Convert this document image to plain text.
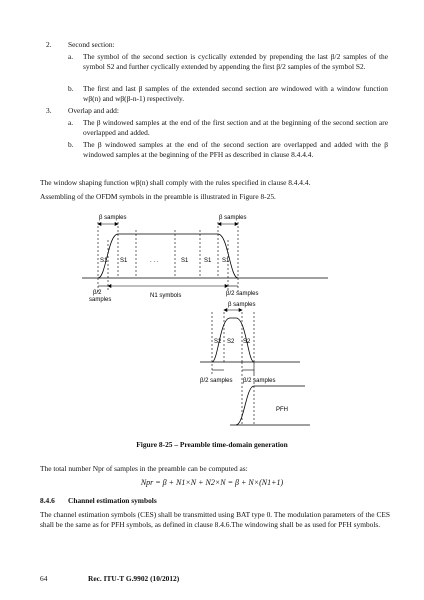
2. Second section:
a. The symbol of the second section is cyclically extended by prepending the last β/2 samples of the symbol S2 and further cyclically extended by appending the first β/2 samples of the symbol S2.
b. The first and last β samples of the extended second section are windowed with a window function wβ(n) and wβ(β-n-1) respectively.
3. Overlap and add:
a. The β windowed samples at the end of the first section and at the beginning of the second section are overlapped and added.
b. The β windowed samples at the end of the second section are overlapped and added with the β windowed samples at the beginning of the PFH as described in clause 8.4.4.4.
The window shaping function wβ(n) shall comply with the rules specified in clause 8.4.4.4.
Assembling of the OFDM symbols in the preamble is illustrated in Figure 8-25.
β samples	β samples
S1 S1	. . .	S1	S1 S1
β/2
samples
N1 symbols	β/2 samples
β samples
S2 S2 S2
β/2 samples β/2 samples
PFH
Figure 8-25 – Preamble time-domain generation
The total number Npr of samples in the preamble can be computed as:
Npr = β + N1×N + N2×N = β + N×(N1+1)
8.4.6 Channel estimation symbols
The channel estimation symbols (CES) shall be transmitted using BAT type 0. The modulation parameters of the CES shall be the same as for PFH symbols, as defined in clause 8.4.6.The windowing shall be as used for PFH symbols.
64	Rec. ITU-T G.9902 (10/2012)
